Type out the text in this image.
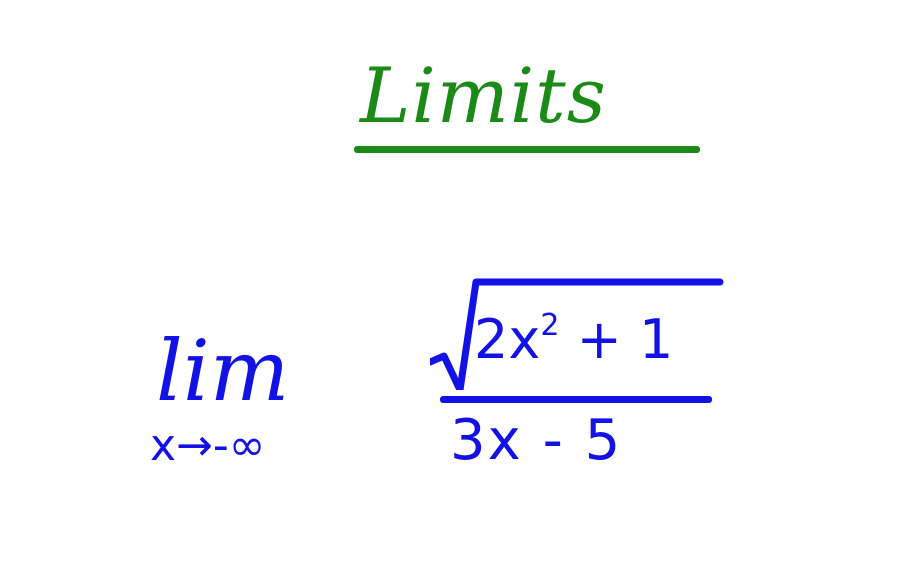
Limits
lim
x→-∞
$2x^2 + 1$
3x - 5
